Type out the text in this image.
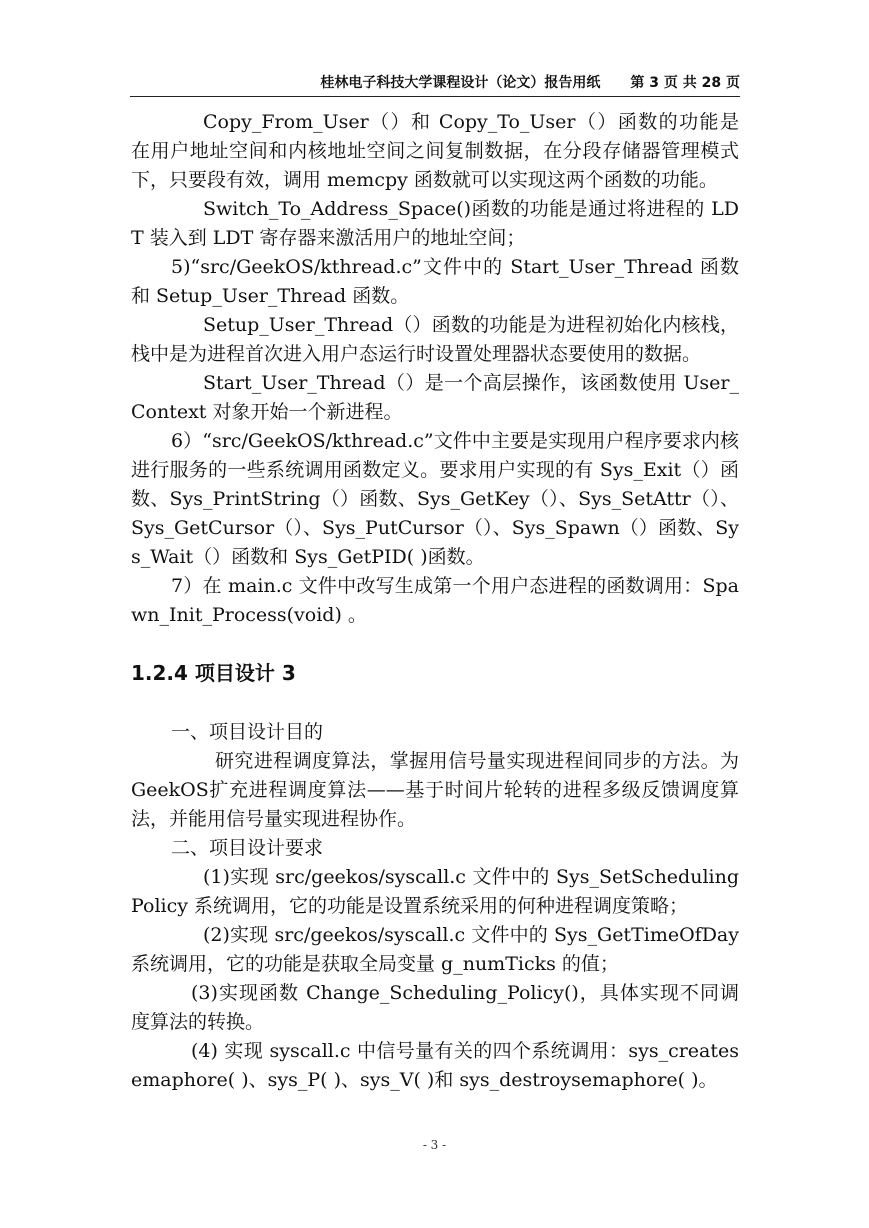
桂林电子科技大学课程设计（论文）报告用纸 第 3 页 共 28 页

Copy_From_User（）和 Copy_To_User（）函数的功能是在用户地址空间和内核地址空间之间复制数据，在分段存储器管理模式下，只要段有效，调用 memcpy 函数就可以实现这两个函数的功能。

Switch_To_Address_Space()函数的功能是通过将进程的 LDT 装入到 LDT 寄存器来激活用户的地址空间；

5)“src/GeekOS/kthread.c”文件中的 Start_User_Thread 函数和 Setup_User_Thread 函数。

Setup_User_Thread（）函数的功能是为进程初始化内核栈，栈中是为进程首次进入用户态运行时设置处理器状态要使用的数据。

Start_User_Thread（）是一个高层操作，该函数使用 User_Context 对象开始一个新进程。

6）“src/GeekOS/kthread.c”文件中主要是实现用户程序要求内核进行服务的一些系统调用函数定义。要求用户实现的有 Sys_Exit（）函数、Sys_PrintString（）函数、Sys_GetKey（）、Sys_SetAttr（）、Sys_GetCursor（）、Sys_PutCursor（）、Sys_Spawn（）函数、Sys_Wait（）函数和 Sys_GetPID( )函数。

7）在 main.c 文件中改写生成第一个用户态进程的函数调用：Spawn_Init_Process(void) 。

1.2.4 项目设计 3

一、项目设计目的

研究进程调度算法，掌握用信号量实现进程间同步的方法。为GeekOS扩充进程调度算法——基于时间片轮转的进程多级反馈调度算法，并能用信号量实现进程协作。

二、项目设计要求

(1)实现 src/geekos/syscall.c 文件中的 Sys_SetSchedulingPolicy 系统调用，它的功能是设置系统采用的何种进程调度策略；

(2)实现 src/geekos/syscall.c 文件中的 Sys_GetTimeOfDay 系统调用，它的功能是获取全局变量 g_numTicks 的值；

(3)实现函数 Change_Scheduling_Policy()，具体实现不同调度算法的转换。

(4) 实现 syscall.c 中信号量有关的四个系统调用：sys_createsemaphore( )、sys_P( )、sys_V( )和 sys_destroysemaphore( )。

- 3 -
